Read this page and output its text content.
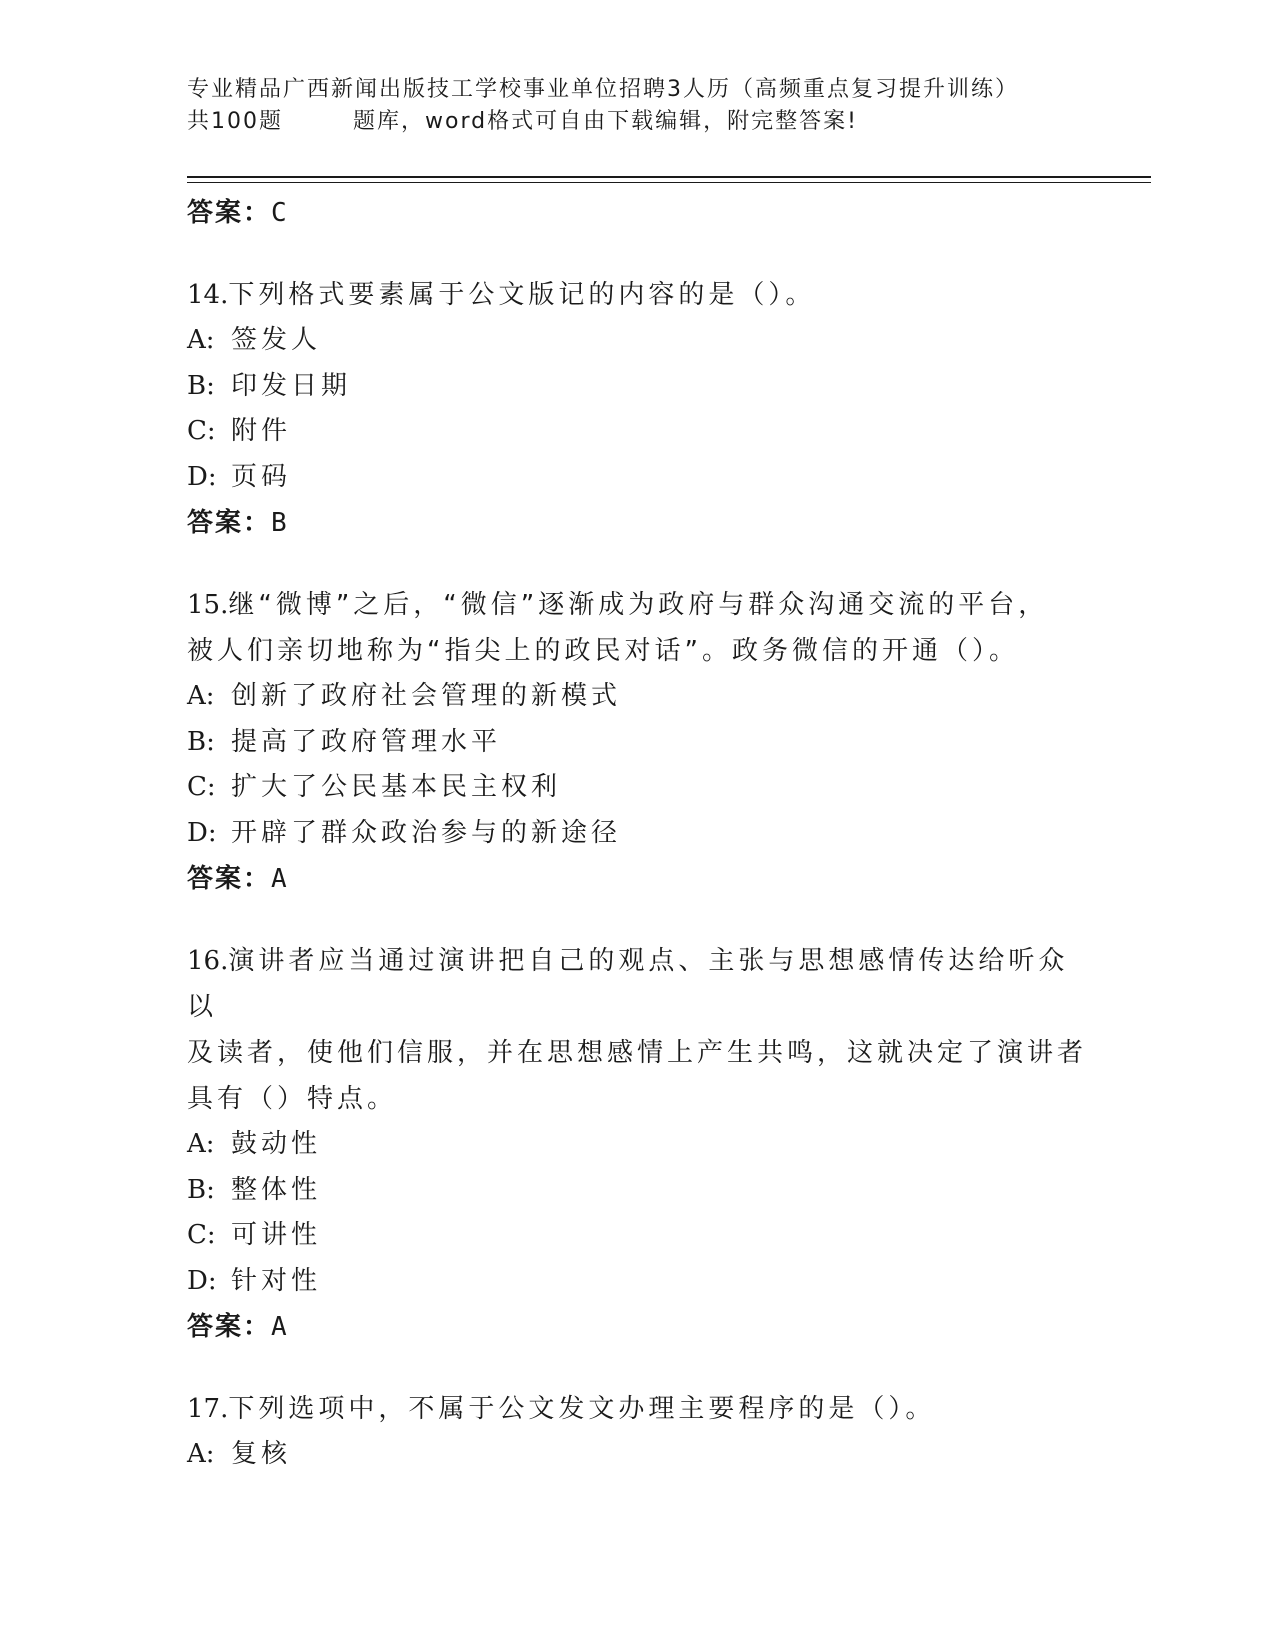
专业精品广西新闻出版技工学校事业单位招聘3人历（高频重点复习提升训练）
共100题	题库，word格式可自由下载编辑，附完整答案!
答案：C
14.下列格式要素属于公文版记的内容的是（）。
A: 签发人
B: 印发日期
C: 附件
D: 页码
答案：B
15.继“微博”之后，“微信”逐渐成为政府与群众沟通交流的平台，
被人们亲切地称为“指尖上的政民对话”。政务微信的开通（）。
A: 创新了政府社会管理的新模式
B: 提高了政府管理水平
C: 扩大了公民基本民主权利
D: 开辟了群众政治参与的新途径
答案：A
16.演讲者应当通过演讲把自己的观点、主张与思想感情传达给听众以
及读者，使他们信服，并在思想感情上产生共鸣，这就决定了演讲者
具有（）特点。
A: 鼓动性
B: 整体性
C: 可讲性
D: 针对性
答案：A
17.下列选项中，不属于公文发文办理主要程序的是（）。
A: 复核
